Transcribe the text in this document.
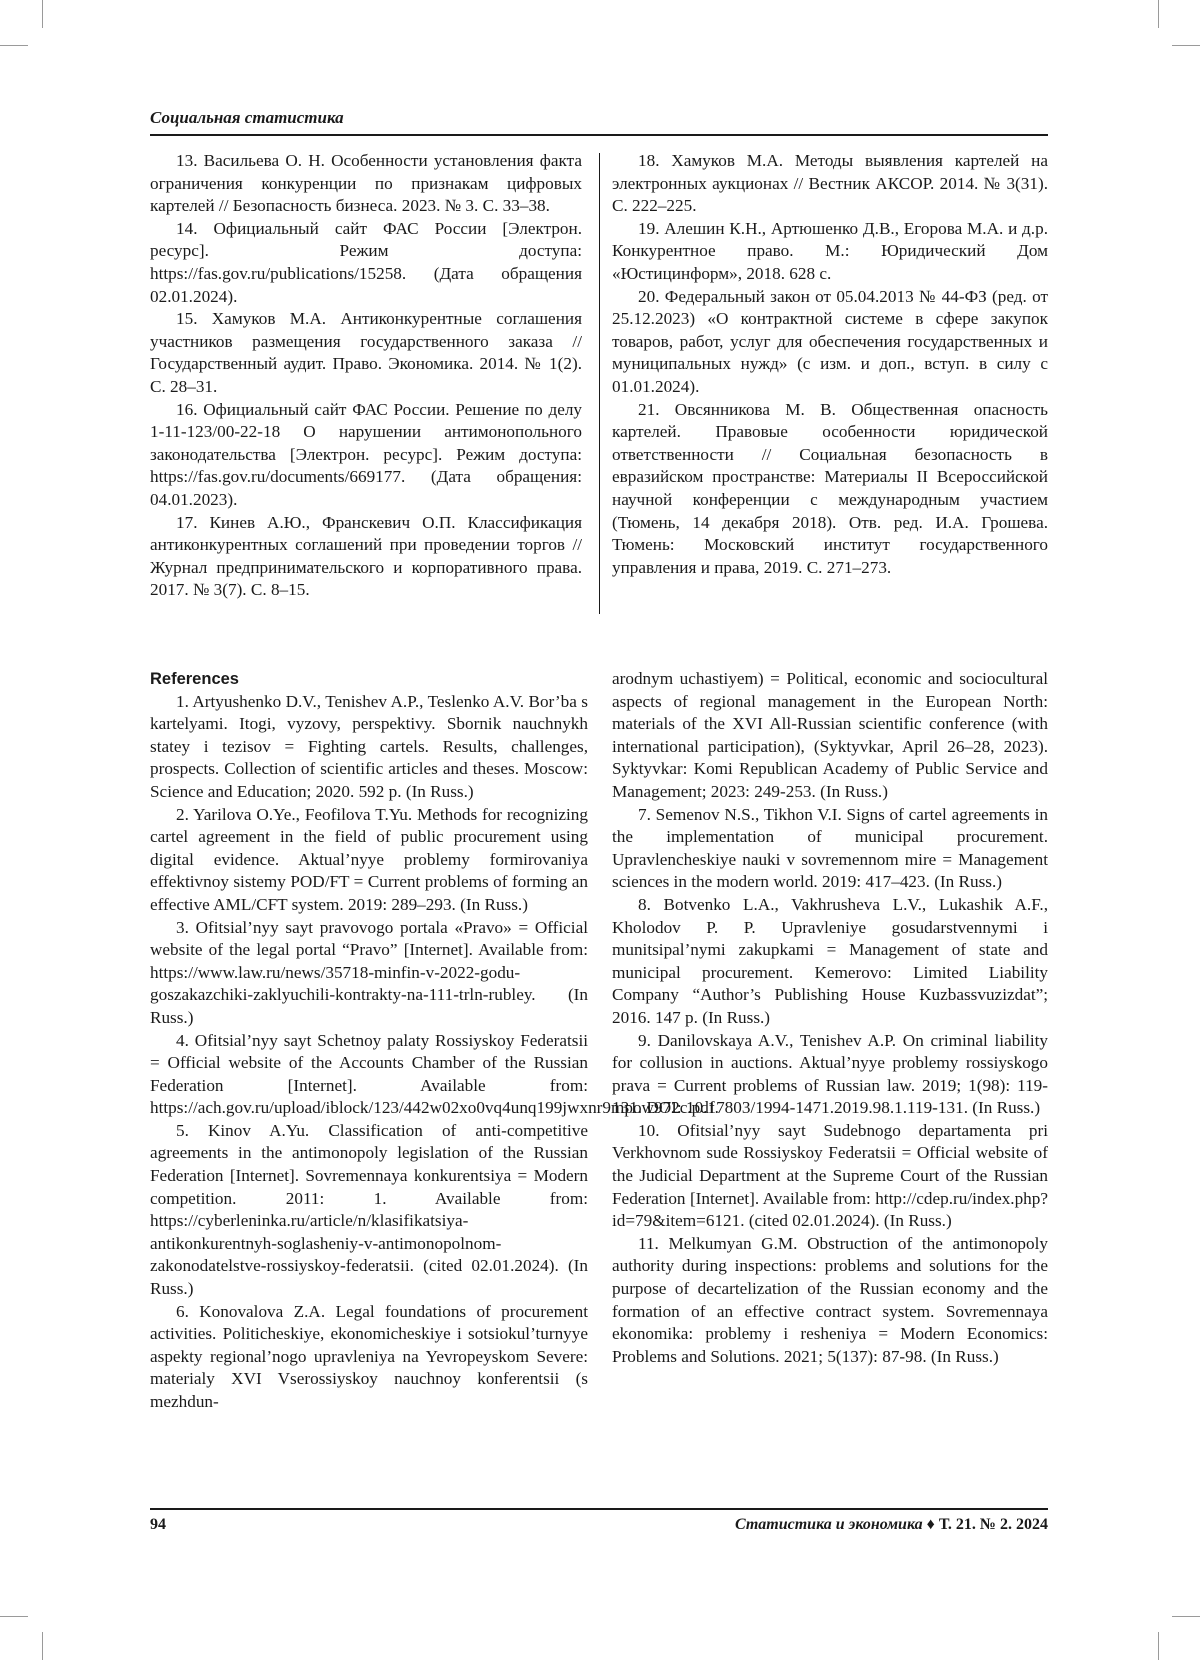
Социальная статистика

13. Васильева О. Н. Особенности установления факта ограничения конкуренции по признакам цифровых картелей // Безопасность бизнеса. 2023. № 3. С. 33–38.

14. Официальный сайт ФАС России [Электрон. ресурс]. Режим доступа: https://fas.gov.ru/publications/15258. (Дата обращения 02.01.2024).

15. Хамуков М.А. Антиконкурентные соглашения участников размещения государственного заказа // Государственный аудит. Право. Экономика. 2014. № 1(2). С. 28–31.

16. Официальный сайт ФАС России. Решение по делу 1-11-123/00-22-18 О нарушении антимонопольного законодательства [Электрон. ресурс]. Режим доступа: https://fas.gov.ru/documents/669177. (Дата обращения: 04.01.2023).

17. Кинев А.Ю., Франскевич О.П. Классификация антиконкурентных соглашений при проведении торгов // Журнал предпринимательского и корпоративного права. 2017. № 3(7). С. 8–15.

18. Хамуков М.А. Методы выявления картелей на электронных аукционах // Вестник АКСОР. 2014. № 3(31). С. 222–225.

19. Алешин К.Н., Артюшенко Д.В., Егорова М.А. и д.р. Конкурентное право. М.: Юридический Дом «Юстицинформ», 2018. 628 с.

20. Федеральный закон от 05.04.2013 № 44-ФЗ (ред. от 25.12.2023) «О контрактной системе в сфере закупок товаров, работ, услуг для обеспечения государственных и муниципальных нужд» (с изм. и доп., вступ. в силу с 01.01.2024).

21. Овсянникова М. В. Общественная опасность картелей. Правовые особенности юридической ответственности // Социальная безопасность в евразийском пространстве: Материалы II Всероссийской научной конференции с международным участием (Тюмень, 14 декабря 2018). Отв. ред. И.А. Грошева. Тюмень: Московский институт государственного управления и права, 2019. С. 271–273.

References

1. Artyushenko D.V., Tenishev A.P., Teslenko A.V. Bor’ba s kartelyami. Itogi, vyzovy, perspektivy. Sbornik nauchnykh statey i tezisov = Fighting cartels. Results, challenges, prospects. Collection of scientific articles and theses. Moscow: Science and Education; 2020. 592 p. (In Russ.)

2. Yarilova O.Ye., Feofilova T.Yu. Methods for recognizing cartel agreement in the field of public procurement using digital evidence. Aktual’nyye problemy formirovaniya effektivnoy sistemy POD/FT = Current problems of forming an effective AML/CFT system. 2019: 289–293. (In Russ.)

3. Ofitsial’nyy sayt pravovogo portala «Pravo» = Official website of the legal portal “Pravo” [Internet]. Available from: https://www.law.ru/news/35718-minfin-v-2022-godu-goszakazchiki-zaklyuchili-kontrakty-na-111-trln-rubley. (In Russ.)

4. Ofitsial’nyy sayt Schetnoy palaty Rossiyskoy Federatsii = Official website of the Accounts Chamber of the Russian Federation [Internet]. Available from: https://ach.gov.ru/upload/iblock/123/442w02xo0vq4unq199jwxnr9mpow972c.pdf.

5. Kinov A.Yu. Classification of anti-competitive agreements in the antimonopoly legislation of the Russian Federation [Internet]. Sovremennaya konkurentsiya = Modern competition. 2011: 1. Available from: https://cyberleninka.ru/article/n/klasifikatsiya-antikonkurentnyh-soglasheniy-v-antimonopolnom-zakonodatelstve-rossiyskoy-federatsii. (cited 02.01.2024). (In Russ.)

6. Konovalova Z.A. Legal foundations of procurement activities. Politicheskiye, ekonomicheskiye i sotsiokul’turnyye aspekty regional’nogo upravleniya na Yevropeyskom Severe: materialy XVI Vserossiyskoy nauchnoy konferentsii (s mezhdun-

arodnym uchastiyem) = Political, economic and sociocultural aspects of regional management in the European North: materials of the XVI All-Russian scientific conference (with international participation), (Syktyvkar, April 26–28, 2023). Syktyvkar: Komi Republican Academy of Public Service and Management; 2023: 249-253. (In Russ.)

7. Semenov N.S., Tikhon V.I. Signs of cartel agreements in the implementation of municipal procurement. Upravlencheskiye nauki v sovremennom mire = Management sciences in the modern world. 2019: 417–423. (In Russ.)

8. Botvenko L.A., Vakhrusheva L.V., Lukashik A.F., Kholodov P. P. Upravleniye gosudarstvennymi i munitsipal’nymi zakupkami = Management of state and municipal procurement. Kemerovo: Limited Liability Company “Author’s Publishing House Kuzbassvuzizdat”; 2016. 147 p. (In Russ.)

9. Danilovskaya A.V., Tenishev A.P. On criminal liability for collusion in auctions. Aktual’nyye problemy rossiyskogo prava = Current problems of Russian law. 2019; 1(98): 119-131. DOI: 10.17803/1994-1471.2019.98.1.119-131. (In Russ.)

10. Ofitsial’nyy sayt Sudebnogo departamenta pri Verkhovnom sude Rossiyskoy Federatsii = Official website of the Judicial Department at the Supreme Court of the Russian Federation [Internet]. Available from: http://cdep.ru/index.php?id=79&item=6121. (cited 02.01.2024). (In Russ.)

11. Melkumyan G.M. Obstruction of the antimonopoly authority during inspections: problems and solutions for the purpose of decartelization of the Russian economy and the formation of an effective contract system. Sovremennaya ekonomika: problemy i resheniya = Modern Economics: Problems and Solutions. 2021; 5(137): 87-98. (In Russ.)

94	Статистика и экономика ♦ Т. 21. № 2. 2024
